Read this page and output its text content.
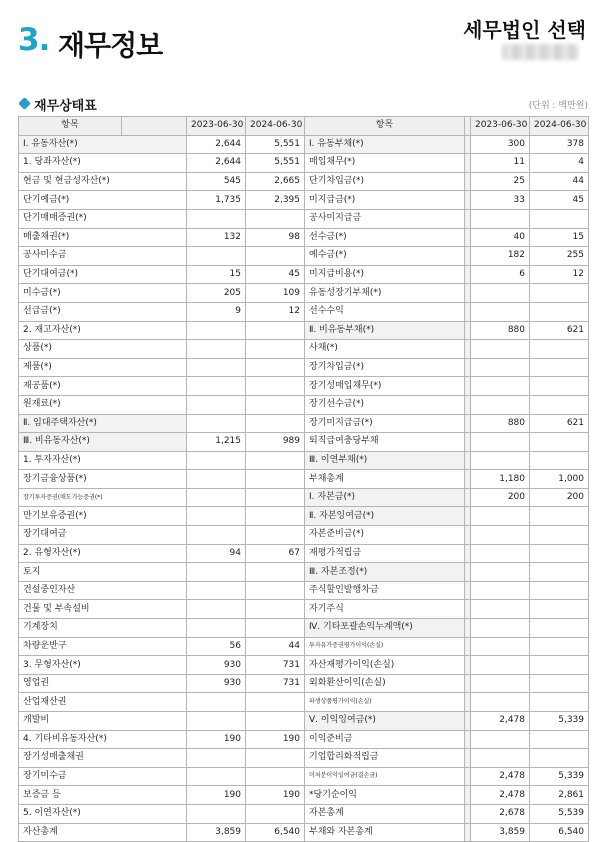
3. 재무정보	세무법인 선택
재무상태표	(단위 : 백만원)
항목		2023-06-30	2024-06-30	항목		2023-06-30	2024-06-30
Ⅰ. 유동자산(*)		2,644	5,551	Ⅰ. 유동부채(*)		300	378
1. 당좌자산(*)		2,644	5,551	매입채무(*)		11	4
현금 및 현금성자산(*)		545	2,665	단기차입금(*)		25	44
단기예금(*)		1,735	2,395	미지급금(*)		33	45
단기매매증권(*)				공사미지급금			
매출채권(*)		132	98	선수금(*)		40	15
공사미수금				예수금(*)		182	255
단기대여금(*)		15	45	미지급비용(*)		6	12
미수금(*)		205	109	유동성장기부채(*)			
선급금(*)		9	12	선수수익			
2. 재고자산(*)				Ⅱ. 비유동부채(*)		880	621
상품(*)				사채(*)			
제품(*)				장기차입금(*)			
재공품(*)				장기성매입채무(*)			
원재료(*)				장기선수금(*)			
Ⅱ. 임대주택자산(*)				장기미지급금(*)		880	621
Ⅲ. 비유동자산(*)		1,215	989	퇴직급여충당부채			
1. 투자자산(*)				Ⅲ. 이연부채(*)			
장기금융상품(*)				부채총계		1,180	1,000
장기투자증권(매도가능증권(*)				Ⅰ. 자본금(*)		200	200
만기보유증권(*)				Ⅱ. 자본잉여금(*)			
장기대여금				자본준비금(*)			
2. 유형자산(*)		94	67	재평가적립금			
토지				Ⅲ. 자본조정(*)			
건설중인자산				주식할인발행차금			
건물 및 부속설비				자기주식			
기계장치				Ⅳ. 기타포괄손익누계액(*)			
차량운반구		56	44	투자유가증권평가이익(손실)			
3. 무형자산(*)		930	731	자산재평가이익(손실)			
영업권		930	731	외화환산이익(손실)			
산업재산권				파생상품평가이익(손실)			
개발비				Ⅴ. 이익잉여금(*)		2,478	5,339
4. 기타비유동자산(*)		190	190	이익준비금			
장기성매출채권				기업합리화적립금			
장기미수금				미처분이익잉여금(결손금)		2,478	5,339
보증금 등		190	190	*당기순이익		2,478	2,861
5. 이연자산(*)				자본총계		2,678	5,539
자산총계		3,859	6,540	부채와 자본총계		3,859	6,540
